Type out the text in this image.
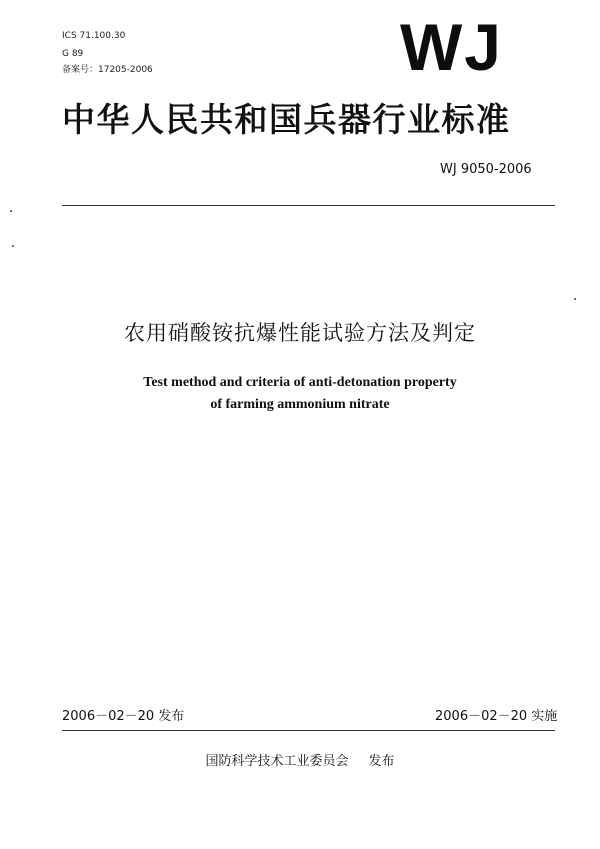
ICS 71.100.30
G 89
备案号：17205-2006	WJ
中华人民共和国兵器行业标准
WJ 9050-2006
农用硝酸铵抗爆性能试验方法及判定
Test method and criteria of anti-detonation property
of farming ammonium nitrate
2006－02－20 发布	2006－02－20 实施
国防科学技术工业委员会 发布
